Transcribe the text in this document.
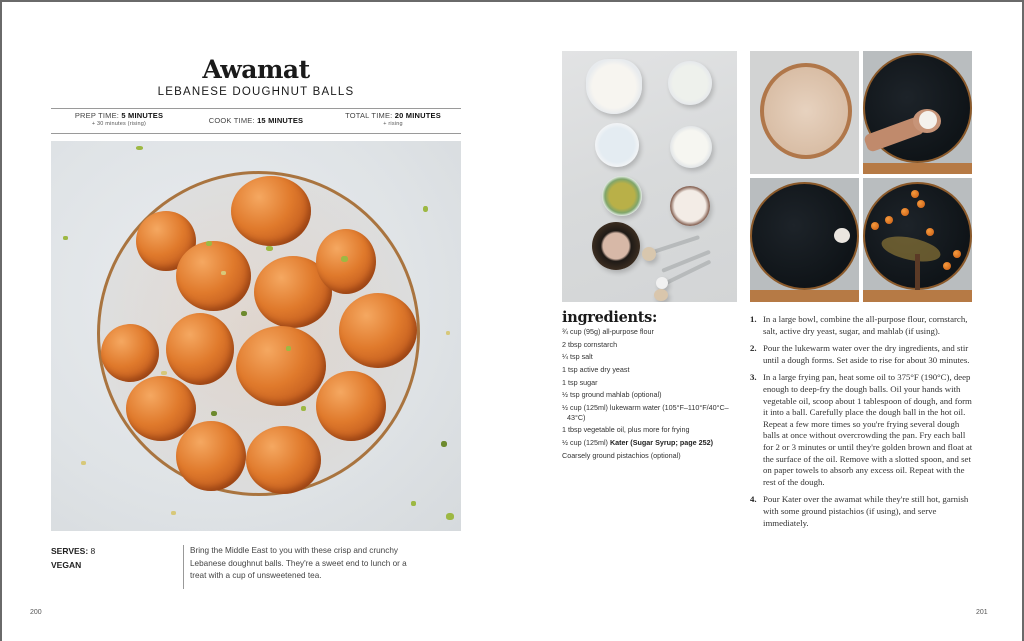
Awamat
LEBANESE DOUGHNUT BALLS
PREP TIME: 5 MINUTES
+ 30 minutes (rising)	COOK TIME: 15 MINUTES
TOTAL TIME: 20 MINUTES
+ rising
SERVES: 8
VEGAN
Bring the Middle East to you with these crisp and crunchy Lebanese doughnut balls. They're a sweet end to lunch or a treat with a cup of unsweetened tea.
200
ingredients:
¾ cup (95g) all-purpose flour
2 tbsp cornstarch
¼ tsp salt
1 tsp active dry yeast
1 tsp sugar
½ tsp ground mahlab (optional)
½ cup (125ml) lukewarm water (105°F–110°F/40°C–43°C)
1 tbsp vegetable oil, plus more for frying
½ cup (125ml) Kater (Sugar Syrup; page 252)
Coarsely ground pistachios (optional)
1. In a large bowl, combine the all-purpose flour, cornstarch, salt, active dry yeast, sugar, and mahlab (if using).
2. Pour the lukewarm water over the dry ingredients, and stir until a dough forms. Set aside to rise for about 30 minutes.
3. In a large frying pan, heat some oil to 375°F (190°C), deep enough to deep-fry the dough balls. Oil your hands with vegetable oil, scoop about 1 tablespoon of dough, and form it into a ball. Carefully place the dough ball in the hot oil. Repeat a few more times so you're frying several dough balls at once without overcrowding the pan. Fry each ball for 2 or 3 minutes or until they're golden brown and float at the surface of the oil. Remove with a slotted spoon, and set on paper towels to absorb any excess oil. Repeat with the rest of the dough.
4. Pour Kater over the awamat while they're still hot, garnish with some ground pistachios (if using), and serve immediately.
201
